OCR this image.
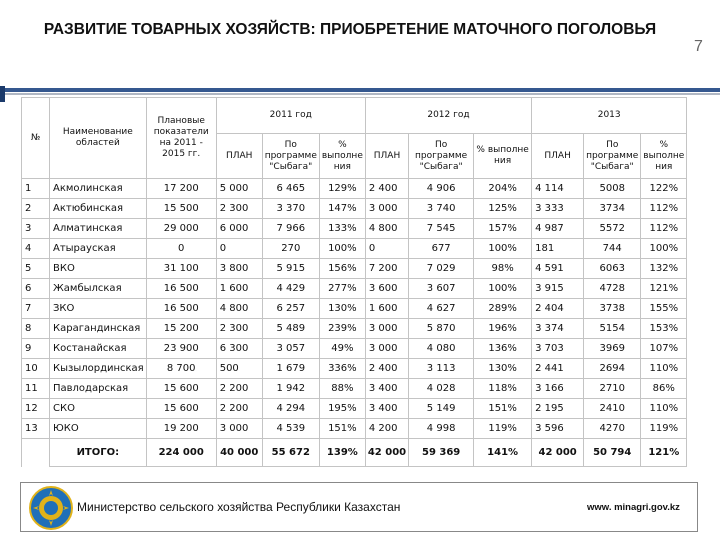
РАЗВИТИЕ ТОВАРНЫХ ХОЗЯЙСТВ: ПРИОБРЕТЕНИЕ МАТОЧНОГО ПОГОЛОВЬЯ
7
№	Наименование областей	Плановые показатели на 2011 - 2015 гг.	2011 год			2012 год			2013		
			ПЛАН	По программе "Сыбага"	% выполне ния	ПЛАН	По программе "Сыбага"	% выполне ния	ПЛАН	По программе "Сыбага"	% выполне ния
1	Акмолинская	17 200	5 000	6 465	129%	2 400	4 906	204%	4 114	5008	122%
2	Актюбинская	15 500	2 300	3 370	147%	3 000	3 740	125%	3 333	3734	112%
3	Алматинская	29 000	6 000	7 966	133%	4 800	7 545	157%	4 987	5572	112%
4	Атырауская	0	0	270	100%	0	677	100%	181	744	100%
5	ВКО	31 100	3 800	5 915	156%	7 200	7 029	98%	4 591	6063	132%
6	Жамбылская	16 500	1 600	4 429	277%	3 600	3 607	100%	3 915	4728	121%
7	ЗКО	16 500	4 800	6 257	130%	1 600	4 627	289%	2 404	3738	155%
8	Карагандинская	15 200	2 300	5 489	239%	3 000	5 870	196%	3 374	5154	153%
9	Костанайская	23 900	6 300	3 057	49%	3 000	4 080	136%	3 703	3969	107%
10	Кызылординская	8 700	500	1 679	336%	2 400	3 113	130%	2 441	2694	110%
11	Павлодарская	15 600	2 200	1 942	88%	3 400	4 028	118%	3 166	2710	86%
12	СКО	15 600	2 200	4 294	195%	3 400	5 149	151%	2 195	2410	110%
13	ЮКО	19 200	3 000	4 539	151%	4 200	4 998	119%	3 596	4270	119%
	ИТОГО:	224 000	40 000	55 672	139%	42 000	59 369	141%	42 000	50 794	121%
Министерство сельского хозяйства Республики Казахстан	www. minagri.gov.kz
